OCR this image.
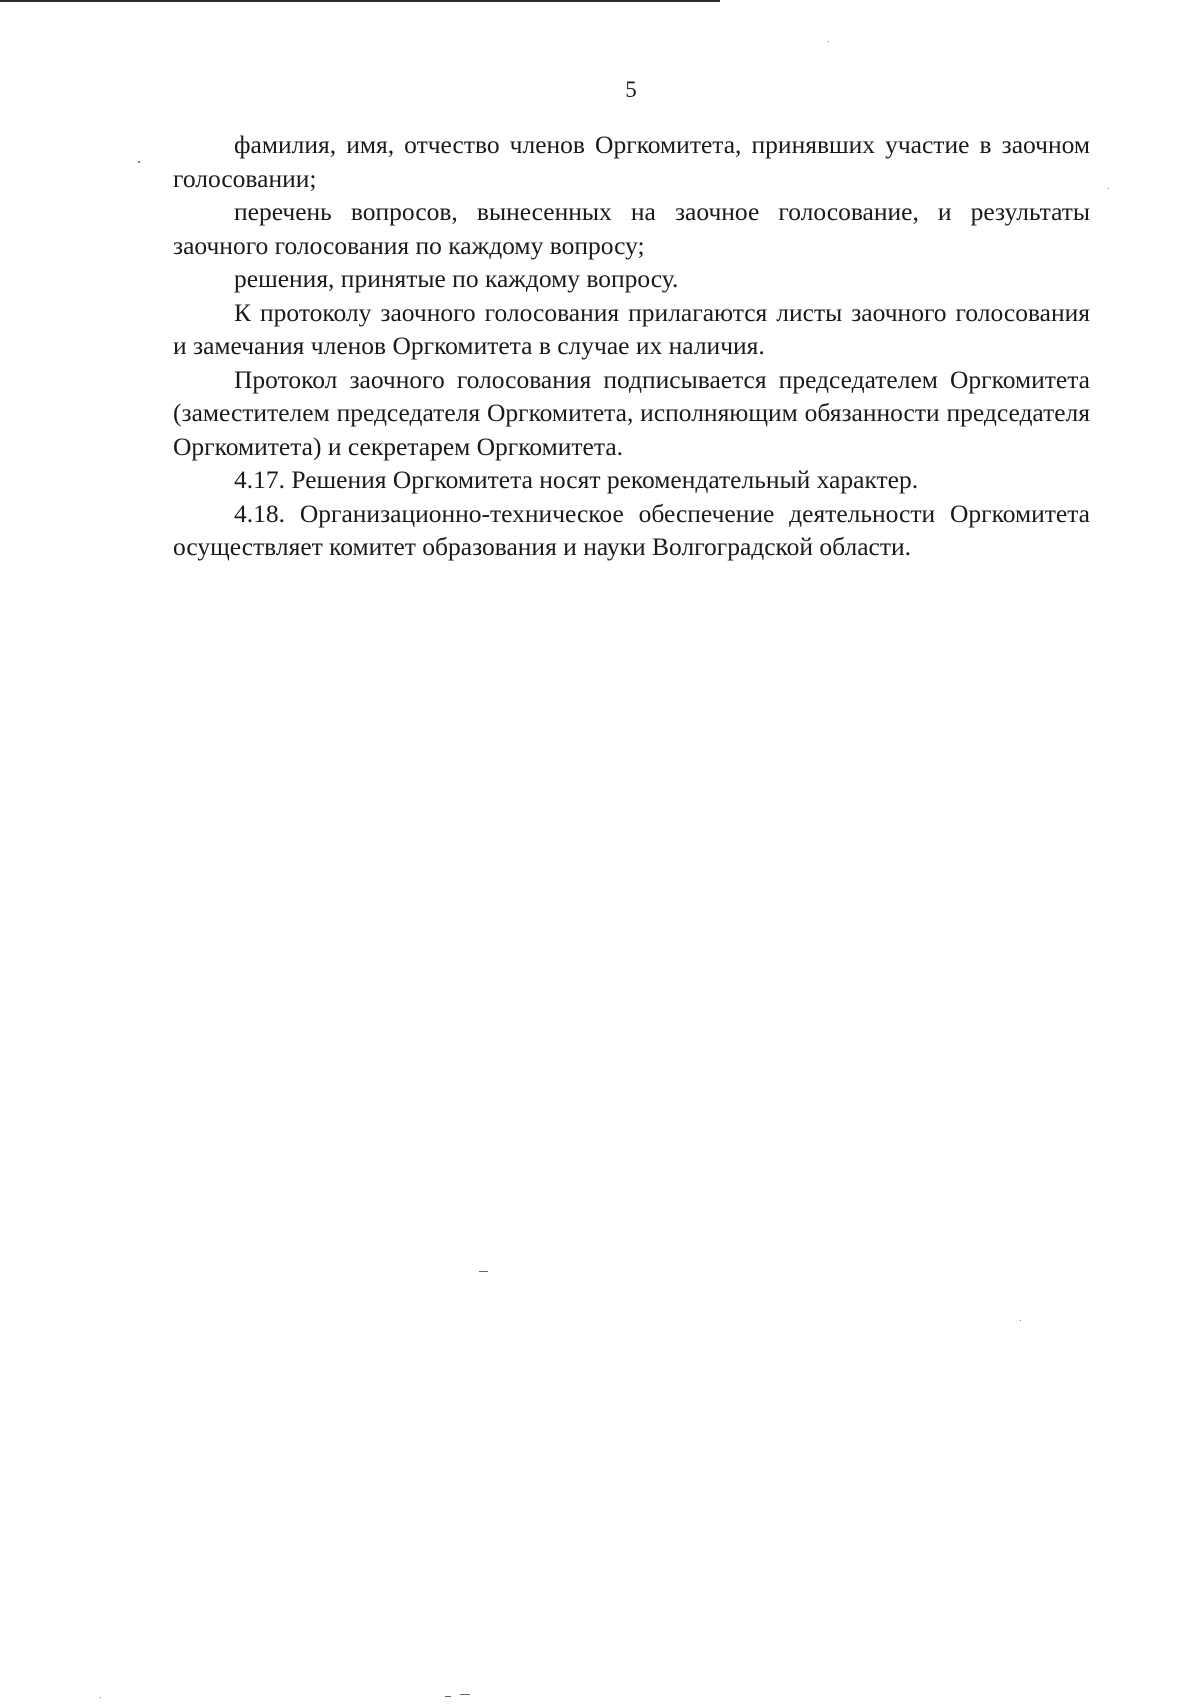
5

фамилия, имя, отчество членов Оргкомитета, принявших участие в заочном голосовании;

перечень вопросов, вынесенных на заочное голосование, и результаты заочного голосования по каждому вопросу;

решения, принятые по каждому вопросу.

К протоколу заочного голосования прилагаются листы заочного голосования и замечания членов Оргкомитета в случае их наличия.

Протокол заочного голосования подписывается председателем Оргкомитета (заместителем председателя Оргкомитета, исполняющим обязанности председателя Оргкомитета) и секретарем Оргкомитета.

4.17. Решения Оргкомитета носят рекомендательный характер.

4.18. Организационно-техническое обеспечение деятельности Оргкомитета осуществляет комитет образования и науки Волгоградской области.
